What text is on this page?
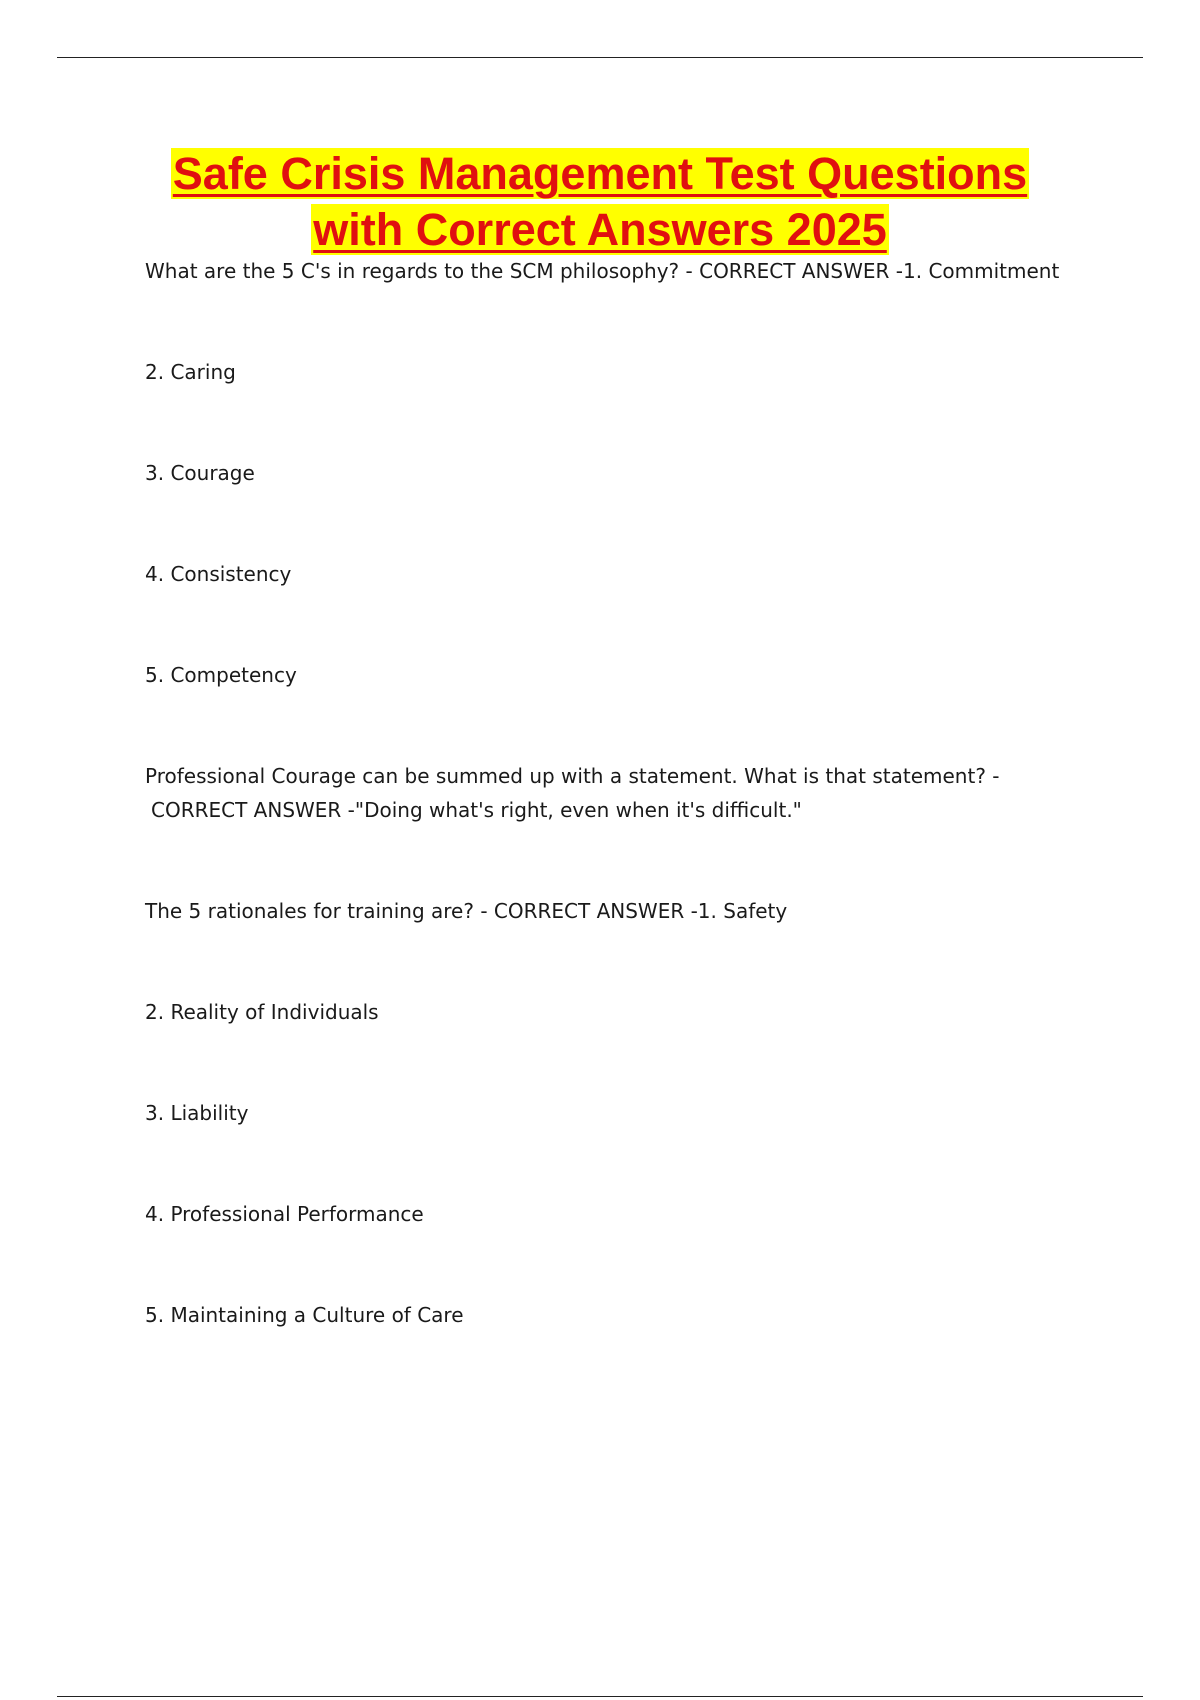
Safe Crisis Management Test Questions
with Correct Answers 2025
What are the 5 C's in regards to the SCM philosophy? - CORRECT ANSWER -1. Commitment
2. Caring
3. Courage
4. Consistency
5. Competency
Professional Courage can be summed up with a statement. What is that statement? -
CORRECT ANSWER -"Doing what's right, even when it's difficult."
The 5 rationales for training are? - CORRECT ANSWER -1. Safety
2. Reality of Individuals
3. Liability
4. Professional Performance
5. Maintaining a Culture of Care
